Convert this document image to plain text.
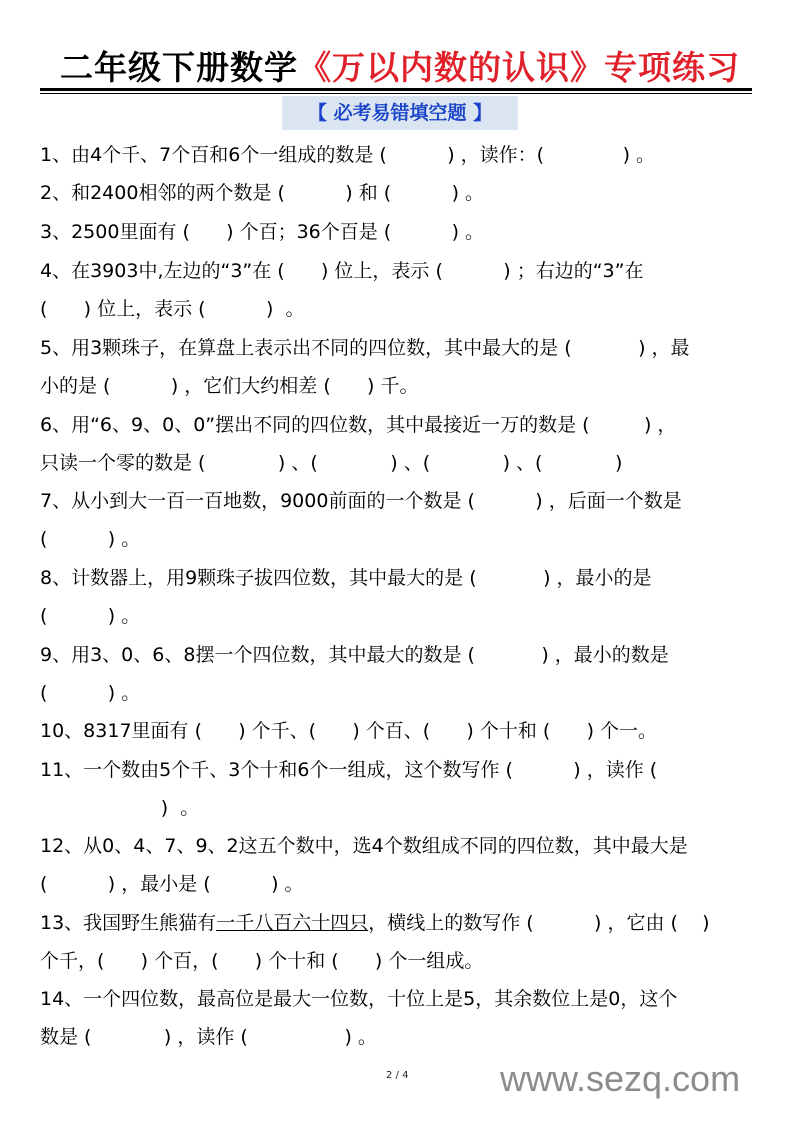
二年级下册数学《万以内数的认识》专项练习
【 必考易错填空题 】
1、由4个千、7个百和6个一组成的数是 (          ) ，读作：(             ) 。
2、和2400相邻的两个数是 (          ) 和 (          ) 。
3、2500里面有 (      ) 个百；36个百是 (          ) 。
4、在3903中,左边的“3”在 (      ) 位上，表示 (          ) ；右边的“3”在
(      ) 位上，表示 (          )  。
5、用3颗珠子，在算盘上表示出不同的四位数，其中最大的是 (           ) ，最
小的是 (          ) ，它们大约相差 (      ) 千。
6、用“6、9、0、0”摆出不同的四位数，其中最接近一万的数是 (         ) ，
只读一个零的数是 (            ) 、(            ) 、(            ) 、(            )
7、从小到大一百一百地数，9000前面的一个数是 (          ) ，后面一个数是
(          ) 。
8、计数器上，用9颗珠子拔四位数，其中最大的是 (           ) ，最小的是
(          ) 。
9、用3、0、6、8摆一个四位数，其中最大的数是 (           ) ，最小的数是
(          ) 。
10、8317里面有 (      ) 个千、(      ) 个百、(      ) 个十和 (      ) 个一。
11、一个数由5个千、3个十和6个一组成，这个数写作 (          ) ，读作 (
)  。
12、从0、4、7、9、2这五个数中，选4个数组成不同的四位数，其中最大是
(          ) ，最小是 (          ) 。
13、我国野生熊猫有一千八百六十四只，横线上的数写作 (          ) ，它由 (    )
个千，(      ) 个百，(      ) 个十和 (      ) 个一组成。
14、一个四位数，最高位是最大一位数，十位上是5，其余数位上是0，这个
数是 (            ) ，读作 (                ) 。
2 / 4	www.sezq.com
